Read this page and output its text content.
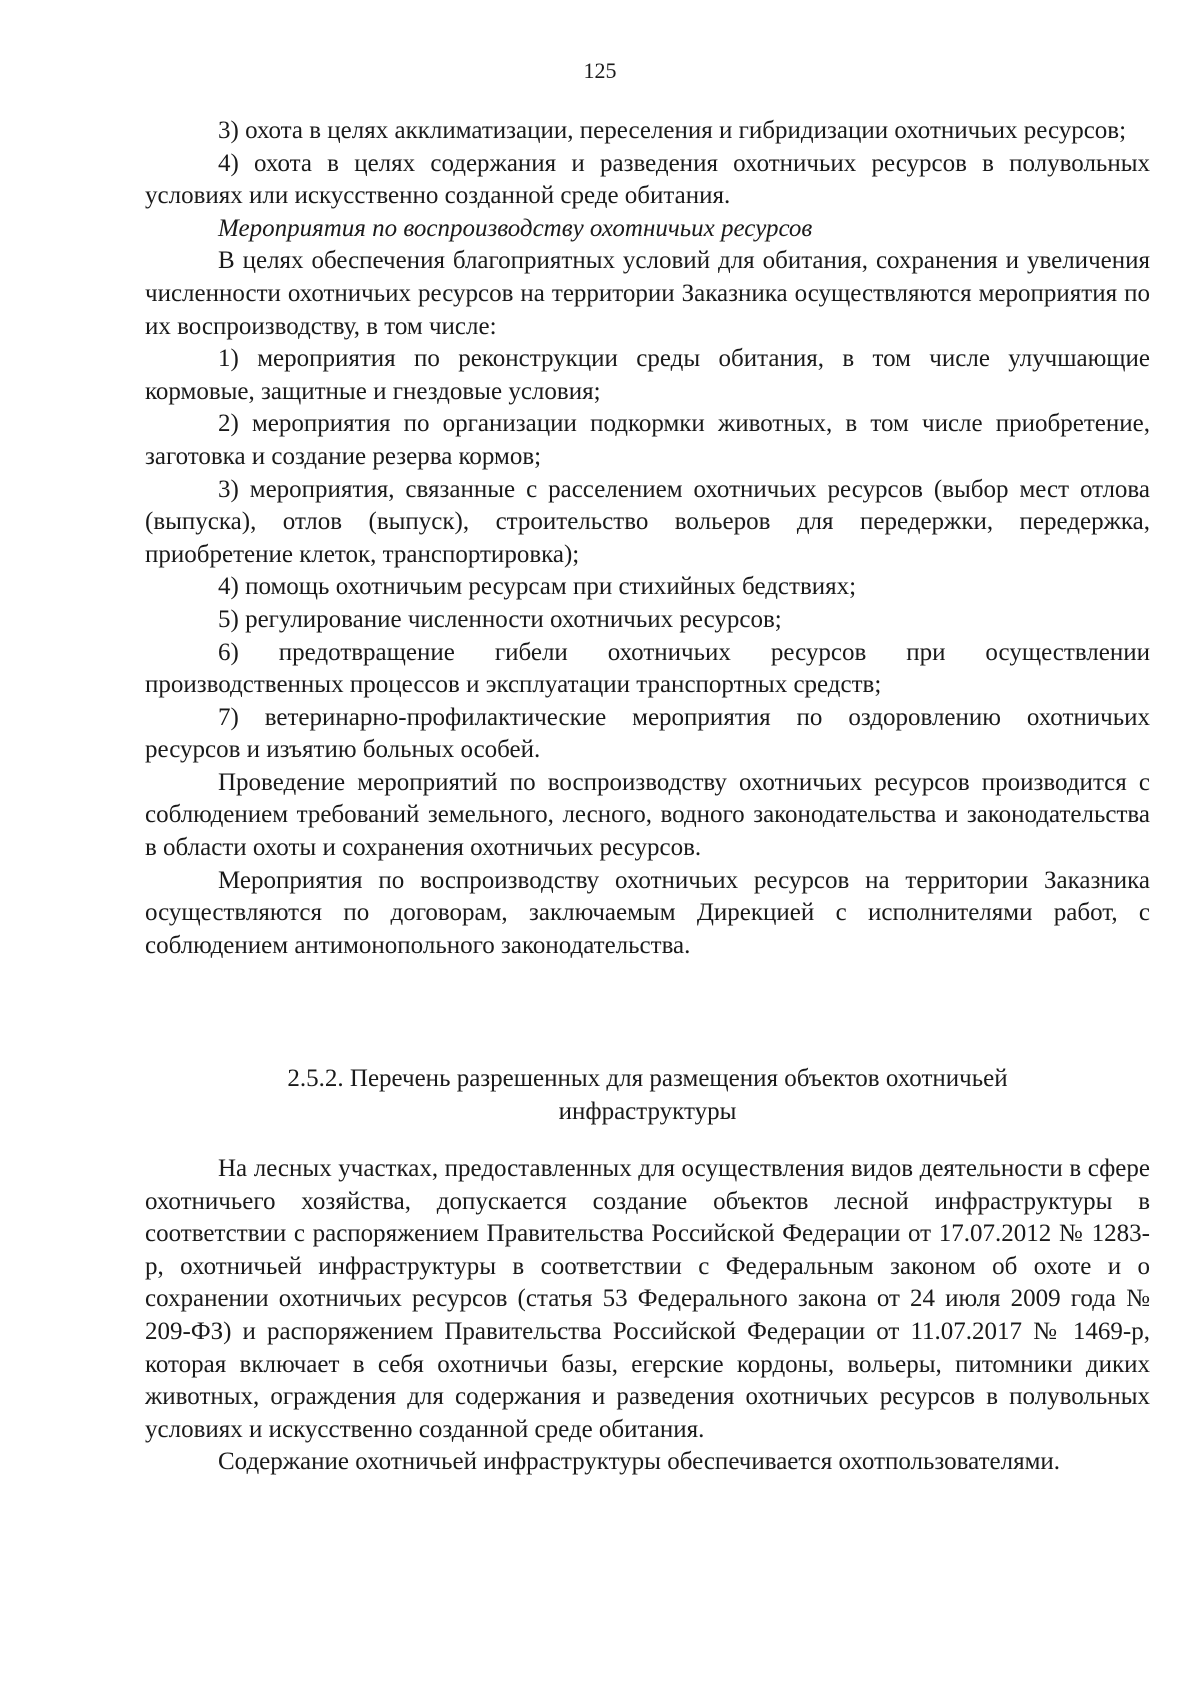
125

3) охота в целях акклиматизации, переселения и гибридизации охотничьих ресурсов;

4) охота в целях содержания и разведения охотничьих ресурсов в полувольных условиях или искусственно созданной среде обитания.

Мероприятия по воспроизводству охотничьих ресурсов

В целях обеспечения благоприятных условий для обитания, сохранения и увеличения численности охотничьих ресурсов на территории Заказника осуществляются мероприятия по их воспроизводству, в том числе:

1) мероприятия по реконструкции среды обитания, в том числе улучшающие кормовые, защитные и гнездовые условия;

2) мероприятия по организации подкормки животных, в том числе приобретение, заготовка и создание резерва кормов;

3) мероприятия, связанные с расселением охотничьих ресурсов (выбор мест отлова (выпуска), отлов (выпуск), строительство вольеров для передержки, передержка, приобретение клеток, транспортировка);

4) помощь охотничьим ресурсам при стихийных бедствиях;

5) регулирование численности охотничьих ресурсов;

6) предотвращение гибели охотничьих ресурсов при осуществлении производственных процессов и эксплуатации транспортных средств;

7) ветеринарно-профилактические мероприятия по оздоровлению охотничьих ресурсов и изъятию больных особей.

Проведение мероприятий по воспроизводству охотничьих ресурсов производится с соблюдением требований земельного, лесного, водного законодательства и законодательства в области охоты и сохранения охотничьих ресурсов.

Мероприятия по воспроизводству охотничьих ресурсов на территории Заказника осуществляются по договорам, заключаемым Дирекцией с исполнителями работ, с соблюдением антимонопольного законодательства.

2.5.2. Перечень разрешенных для размещения объектов охотничьей

инфраструктуры

На лесных участках, предоставленных для осуществления видов деятельности в сфере охотничьего хозяйства, допускается создание объектов лесной инфраструктуры в соответствии с распоряжением Правительства Российской Федерации от 17.07.2012 № 1283-р, охотничьей инфраструктуры в соответствии с Федеральным законом об охоте и о сохранении охотничьих ресурсов (статья 53 Федерального закона от 24 июля 2009 года № 209-ФЗ) и распоряжением Правительства Российской Федерации от 11.07.2017 № 1469-р, которая включает в себя охотничьи базы, егерские кордоны, вольеры, питомники диких животных, ограждения для содержания и разведения охотничьих ресурсов в полувольных условиях и искусственно созданной среде обитания.

Содержание охотничьей инфраструктуры обеспечивается охотпользователями.
